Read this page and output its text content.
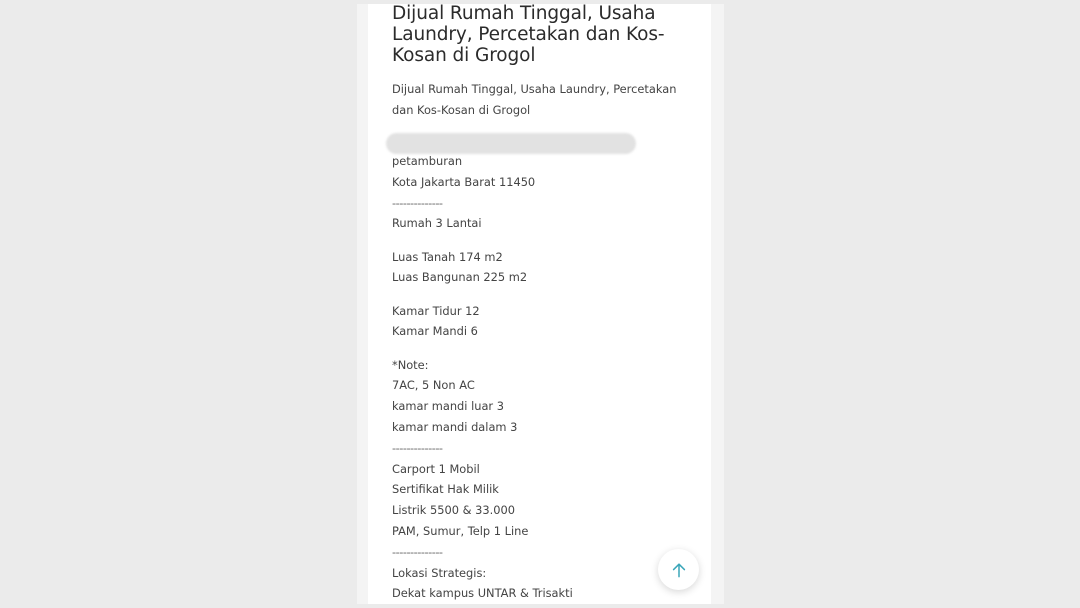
Dijual Rumah Tinggal, Usaha Laundry, Percetakan dan Kos-Kosan di Grogol

Dijual Rumah Tinggal, Usaha Laundry, Percetakan dan Kos-Kosan di Grogol

petamburan
Kota Jakarta Barat 11450
--------------
Rumah 3 Lantai
Luas Tanah 174 m2
Luas Bangunan 225 m2
Kamar Tidur 12
Kamar Mandi 6
*Note:
7AC, 5 Non AC
kamar mandi luar 3
kamar mandi dalam 3
--------------
Carport 1 Mobil
Sertifikat Hak Milik
Listrik 5500 & 33.000
PAM, Sumur, Telp 1 Line
--------------
Lokasi Strategis:
Dekat kampus UNTAR & Trisakti
